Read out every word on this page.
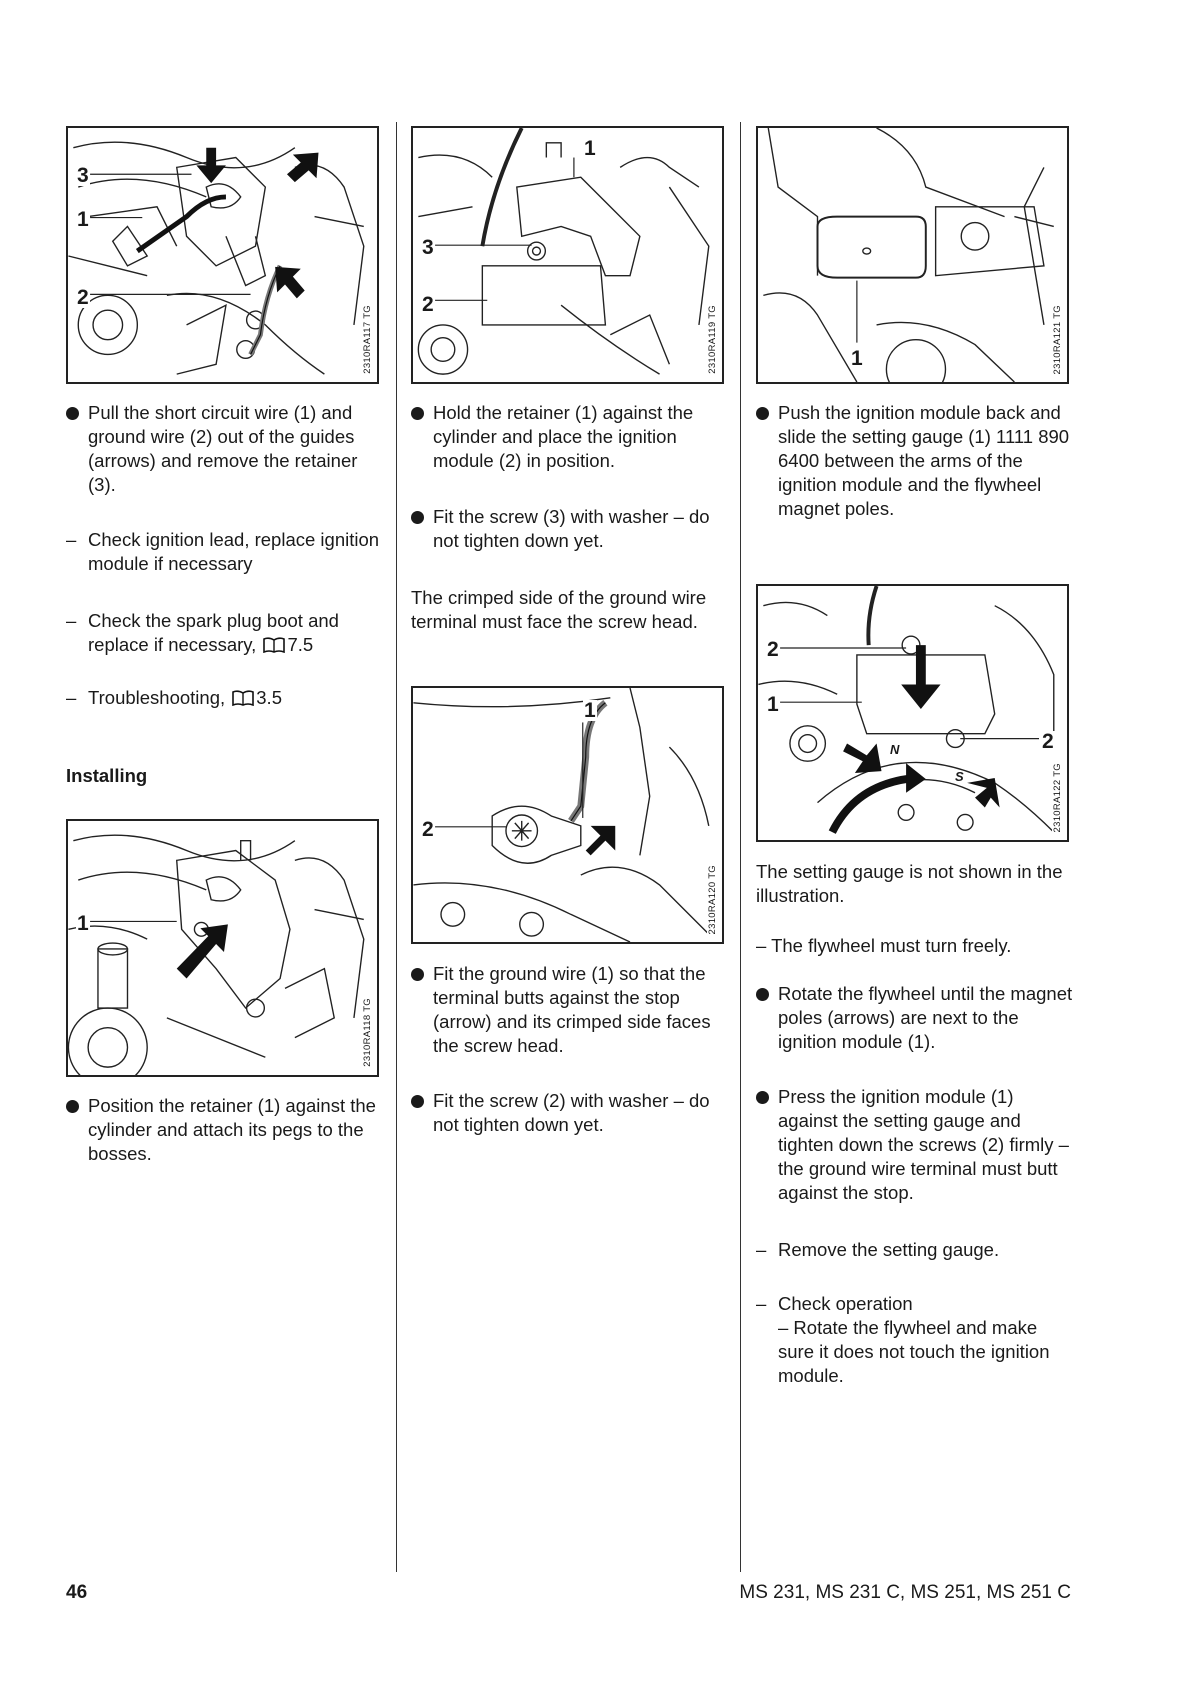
3
1
2
2310RA117 TG

Pull the short circuit wire (1) and ground wire (2) out of the guides (arrows) and remove the retainer (3).

– Check ignition lead, replace ignition module if necessary

– Check the spark plug boot and replace if necessary, 7.5

– Troubleshooting, 3.5

Installing
1
2310RA118 TG

Position the retainer (1) against the cylinder and attach its pegs to the bosses.

1
3
2
2310RA119 TG

Hold the retainer (1) against the cylinder and place the ignition module (2) in position.

Fit the screw (3) with washer – do not tighten down yet.

The crimped side of the ground wire terminal must face the screw head.
1
2
2310RA120 TG

Fit the ground wire (1) so that the terminal butts against the stop (arrow) and its crimped side faces the screw head.

Fit the screw (2) with washer – do not tighten down yet.

1	2310RA121 TG

Push the ignition module back and slide the setting gauge (1) 1111 890 6400 between the arms of the ignition module and the flywheel magnet poles.

2
1
2
N
S	2310RA122 TG
The setting gauge is not shown in the illustration.
– The flywheel must turn freely.

Rotate the flywheel until the magnet poles (arrows) are next to the ignition module (1).

Press the ignition module (1) against the setting gauge and tighten down the screws (2) firmly – the ground wire terminal must butt against the stop.

– Remove the setting gauge.

– Check operation
– Rotate the flywheel and make sure it does not touch the ignition module.

46	MS 231, MS 231 C, MS 251, MS 251 C
